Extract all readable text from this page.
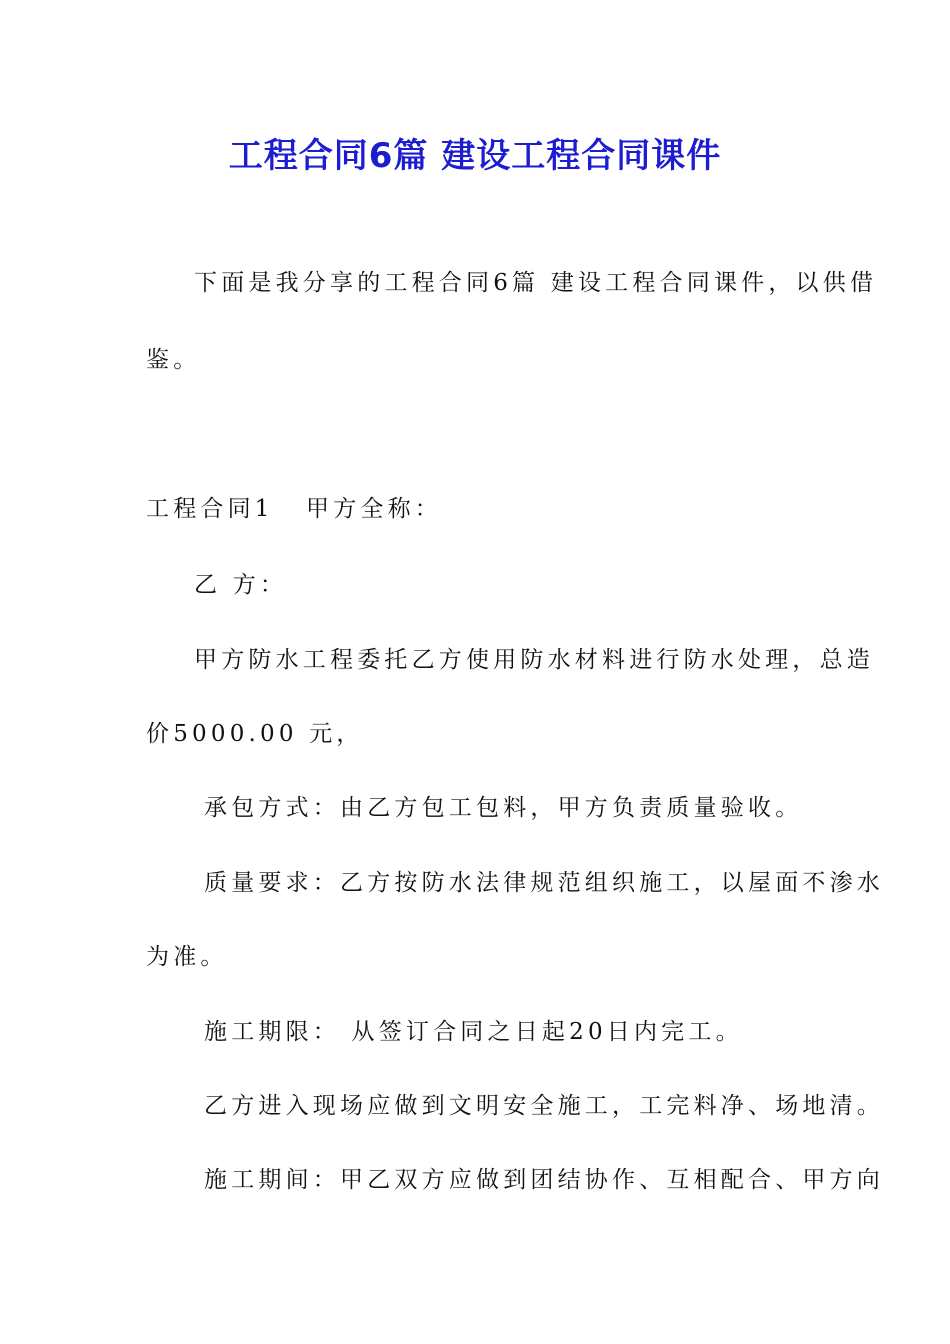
工程合同6篇 建设工程合同课件
下面是我分享的工程合同6篇 建设工程合同课件，以供借
鉴。
工程合同1 甲方全称：
乙 方：
甲方防水工程委托乙方使用防水材料进行防水处理，总造
价5000.00 元，
承包方式：由乙方包工包料，甲方负责质量验收。
质量要求：乙方按防水法律规范组织施工，以屋面不渗水
为准。
施工期限： 从签订合同之日起20日内完工。
乙方进入现场应做到文明安全施工，工完料净、场地清。
施工期间：甲乙双方应做到团结协作、互相配合、甲方向
